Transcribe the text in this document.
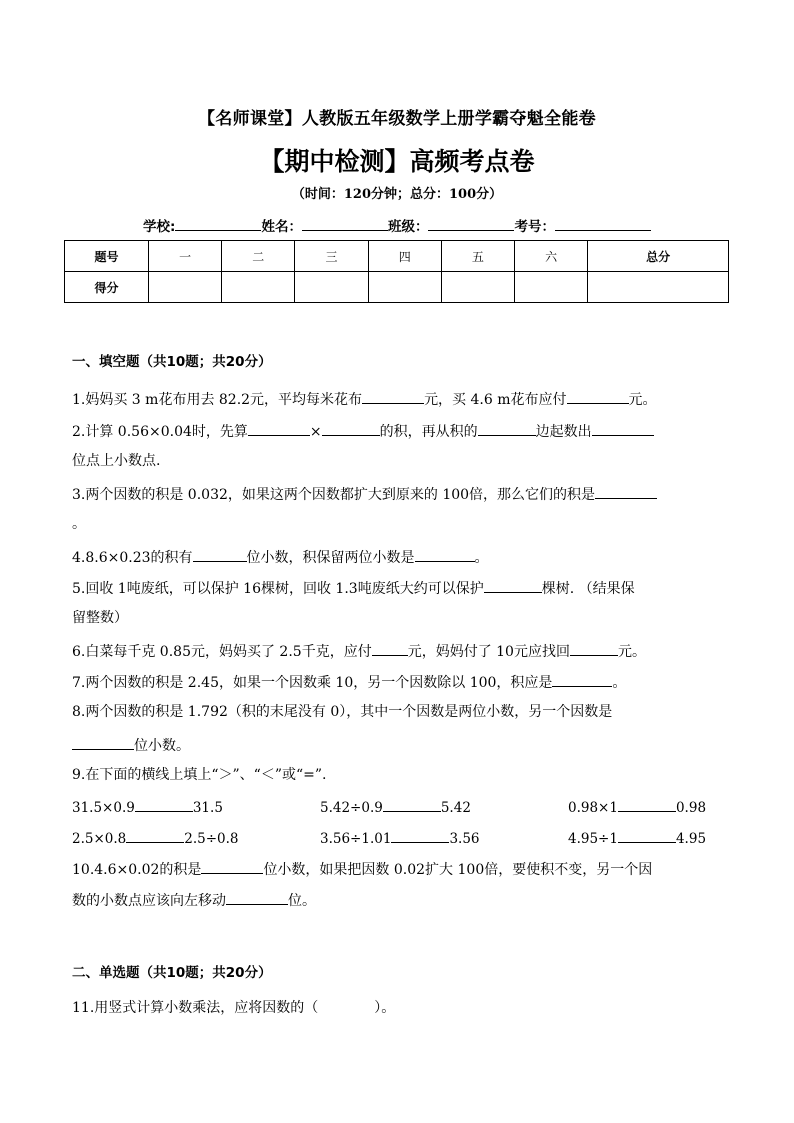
【名师课堂】人教版五年级数学上册学霸夺魁全能卷
【期中检测】高频考点卷
（时间：120分钟；总分：100分）
学校:	姓名：	班级：	考号：
题号	一	二	三	四	五	六	总分
得分							
一、填空题（共10题；共20分）
1.妈妈买 3 m花布用去 82.2元，平均每米花布	元，买 4.6 m花布应付	元。
2.计算 0.56×0.04时，先算	×	的积，再从积的	边起数出
位点上小数点.
3.两个因数的积是 0.032，如果这两个因数都扩大到原来的 100倍，那么它们的积是
。
4.8.6×0.23的积有	位小数，积保留两位小数是	。
5.回收 1吨废纸，可以保护 16棵树，回收 1.3吨废纸大约可以保护	棵树. （结果保
留整数）
6.白菜每千克 0.85元，妈妈买了 2.5千克，应付	元，妈妈付了 10元应找回	元。
7.两个因数的积是 2.45，如果一个因数乘 10，另一个因数除以 100，积应是	。
8.两个因数的积是 1.792（积的末尾没有 0），其中一个因数是两位小数，另一个因数是
位小数。
9.在下面的横线上填上“＞”、“＜”或“=”.
31.5×0.9	31.5	5.42÷0.9	5.42	0.98×1	0.98
2.5×0.8	2.5÷0.8	3.56÷1.01	3.56	4.95÷1	4.95
10.4.6×0.02的积是	位小数，如果把因数 0.02扩大 100倍，要使积不变，另一个因
数的小数点应该向左移动	位。
二、单选题（共10题；共20分）
11.用竖式计算小数乘法，应将因数的（　　　　）。
